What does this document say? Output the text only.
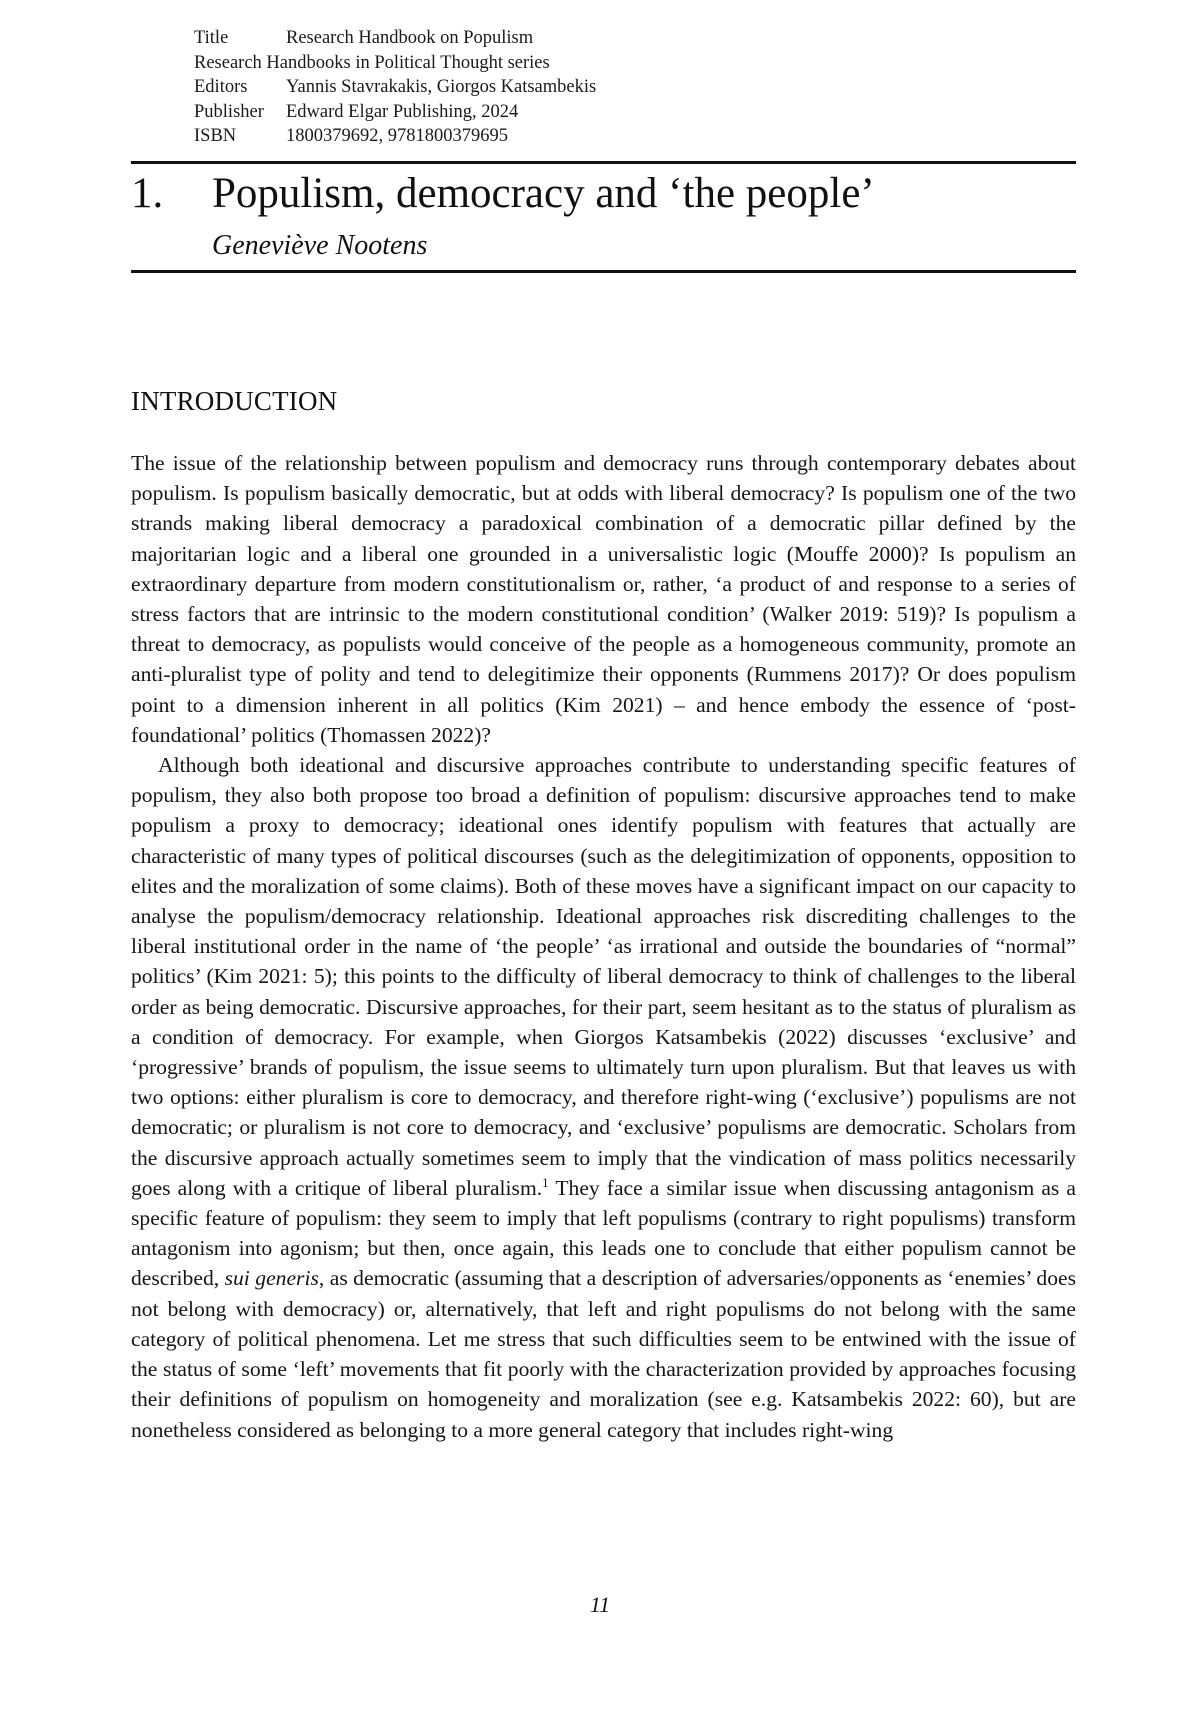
Title	Research Handbook on Populism
Research Handbooks in Political Thought series
Editors	Yannis Stavrakakis, Giorgos Katsambekis
Publisher	Edward Elgar Publishing, 2024
ISBN	1800379692, 9781800379695
1. Populism, democracy and ‘the people’
Geneviève Nootens
INTRODUCTION

The issue of the relationship between populism and democracy runs through contemporary debates about populism. Is populism basically democratic, but at odds with liberal democracy? Is populism one of the two strands making liberal democracy a paradoxical combination of a democratic pillar defined by the majoritarian logic and a liberal one grounded in a universalistic logic (Mouffe 2000)? Is populism an extraordinary departure from modern constitutionalism or, rather, ‘a product of and response to a series of stress factors that are intrinsic to the modern constitutional condition’ (Walker 2019: 519)? Is populism a threat to democracy, as populists would conceive of the people as a homogeneous community, promote an anti-pluralist type of polity and tend to delegitimize their opponents (Rummens 2017)? Or does populism point to a dimension inherent in all politics (Kim 2021) – and hence embody the essence of ‘post-foundational’ politics (Thomassen 2022)?

Although both ideational and discursive approaches contribute to understanding specific features of populism, they also both propose too broad a definition of populism: discursive approaches tend to make populism a proxy to democracy; ideational ones identify populism with features that actually are characteristic of many types of political discourses (such as the delegitimization of opponents, opposition to elites and the moralization of some claims). Both of these moves have a significant impact on our capacity to analyse the populism/democracy relationship. Ideational approaches risk discrediting challenges to the liberal institutional order in the name of ‘the people’ ‘as irrational and outside the boundaries of “normal” politics’ (Kim 2021: 5); this points to the difficulty of liberal democracy to think of challenges to the liberal order as being democratic. Discursive approaches, for their part, seem hesitant as to the status of pluralism as a condition of democracy. For example, when Giorgos Katsambekis (2022) discusses ‘exclusive’ and ‘progressive’ brands of populism, the issue seems to ultimately turn upon pluralism. But that leaves us with two options: either pluralism is core to democracy, and therefore right-wing (‘exclusive’) populisms are not democratic; or pluralism is not core to democracy, and ‘exclusive’ populisms are democratic. Scholars from the discursive approach actually sometimes seem to imply that the vindication of mass politics necessarily goes along with a critique of liberal pluralism.$^1$ They face a similar issue when discussing antagonism as a specific feature of populism: they seem to imply that left populisms (contrary to right populisms) transform antagonism into agonism; but then, once again, this leads one to conclude that either populism cannot be described, sui generis, as democratic (assuming that a description of adversaries/opponents as ‘enemies’ does not belong with democracy) or, alternatively, that left and right populisms do not belong with the same category of political phenomena. Let me stress that such difficulties seem to be entwined with the issue of the status of some ‘left’ movements that fit poorly with the characterization provided by approaches focusing their definitions of populism on homogeneity and moralization (see e.g. Katsambekis 2022: 60), but are nonetheless considered as belonging to a more general category that includes right-wing

11
